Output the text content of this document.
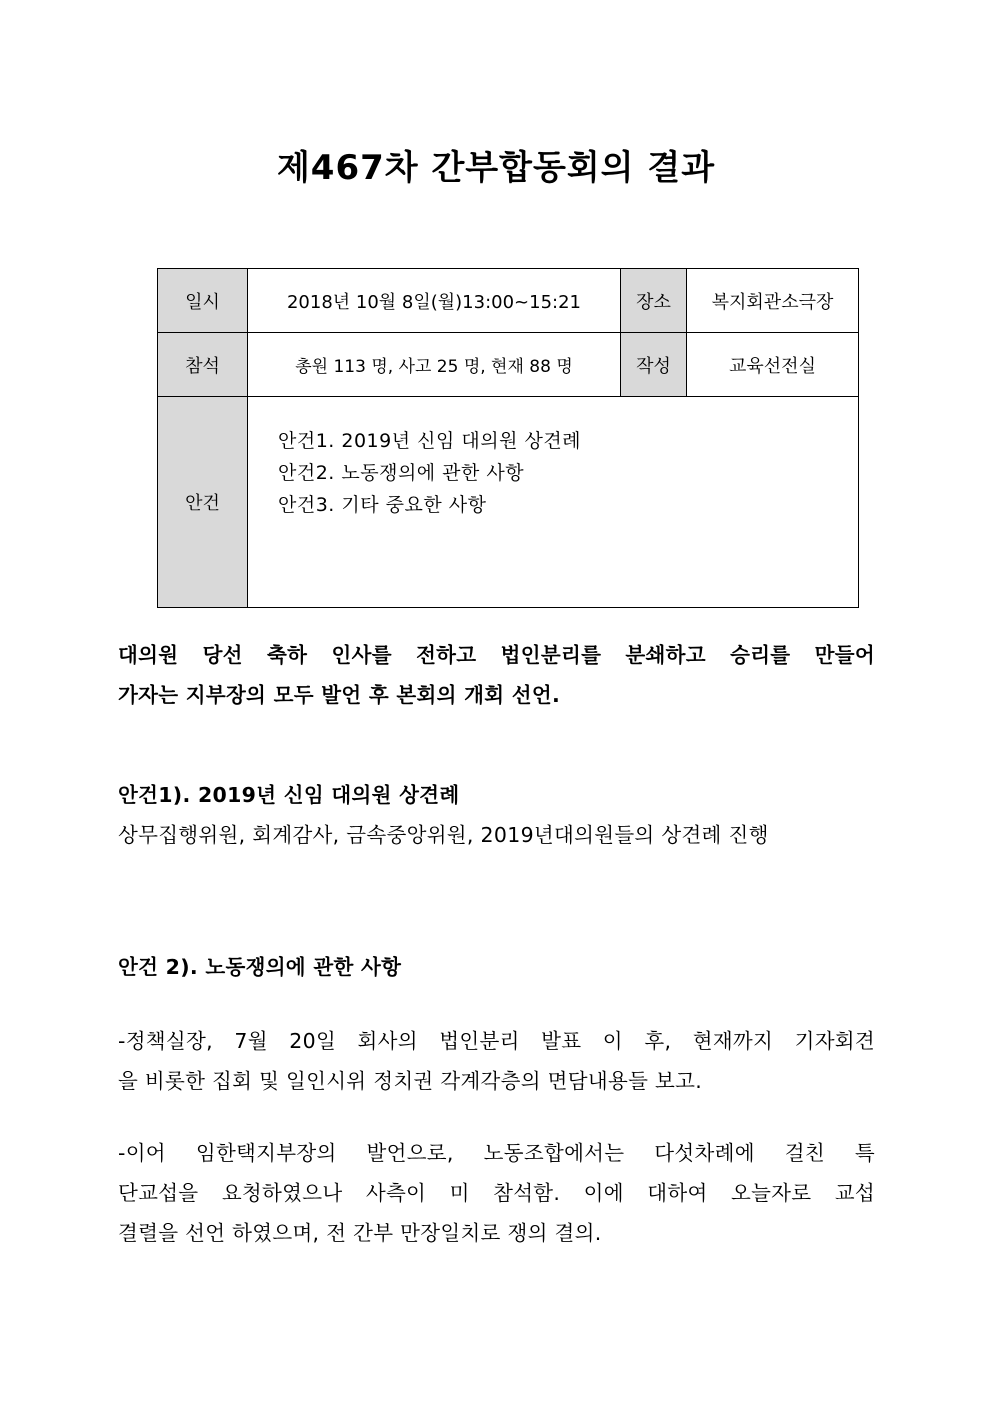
제467차 간부합동회의 결과
일시	2018년 10월 8일(월)13:00~15:21	장소	복지회관소극장
참석	총원 113 명, 사고 25 명, 현재 88 명	작성	교육선전실
안건	안건1. 2019년 신임 대의원 상견례
안건2. 노동쟁의에 관한 사항
안건3. 기타 중요한 사항		
대의원 당선 축하 인사를 전하고 법인분리를 분쇄하고 승리를 만들어
가자는 지부장의 모두 발언 후 본회의 개회 선언.
안건1). 2019년 신임 대의원 상견례
상무집행위원, 회계감사, 금속중앙위원, 2019년대의원들의 상견례 진행
안건 2). 노동쟁의에 관한 사항
-정책실장, 7월 20일 회사의 법인분리 발표 이 후, 현재까지 기자회견
을 비롯한 집회 및 일인시위 정치권 각계각층의 면담내용들 보고.
-이어 임한택지부장의 발언으로, 노동조합에서는 다섯차례에 걸친 특
단교섭을 요청하였으나 사측이 미 참석함. 이에 대하여 오늘자로 교섭
결렬을 선언 하였으며, 전 간부 만장일치로 쟁의 결의.
